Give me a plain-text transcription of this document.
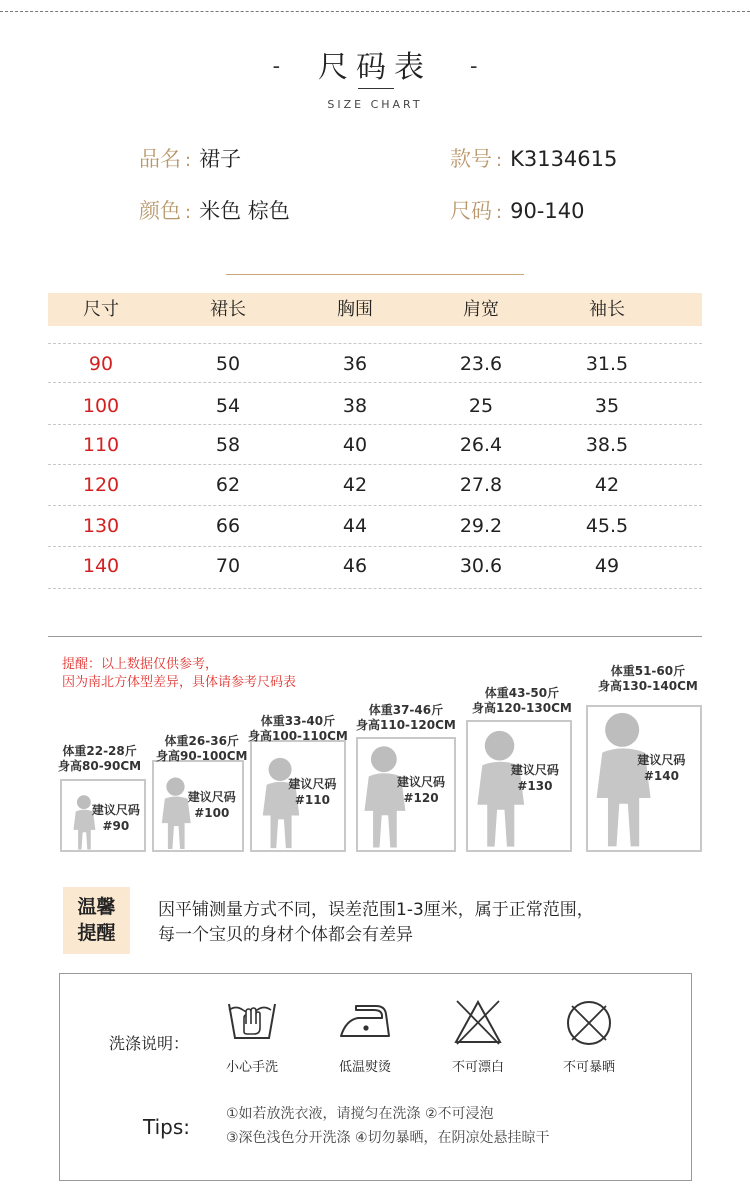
- 尺码表 -
SIZE CHART
品名 : 裙子	款号 : K3134615
颜色 : 米色 棕色	尺码 : 90-140
尺寸	裙长	胸围	肩宽	袖长
90	50	36	23.6	31.5
100	54	38	25	35
110	58	40	26.4	38.5
120	62	42	27.8	42
130	66	44	29.2	45.5
140	70	46	30.6	49
提醒：以上数据仅供参考，
因为南北方体型差异，具体请参考尺码表
体重22-28斤
身高80-90CM
建议尺码
#90
体重26-36斤
身高90-100CM
建议尺码
#100
体重33-40斤
身高100-110CM
建议尺码
#110
体重37-46斤
身高110-120CM
建议尺码
#120
体重43-50斤
身高120-130CM
建议尺码
#130
体重51-60斤
身高130-140CM
建议尺码
#140
温馨
提醒
因平铺测量方式不同，误差范围1-3厘米，属于正常范围，
每一个宝贝的身材个体都会有差异
洗涤说明：
小心手洗	低温熨烫	不可漂白	不可暴晒
Tips:
①如若放洗衣液，请搅匀在洗涤 ②不可浸泡
③深色浅色分开洗涤 ④切勿暴晒，在阴凉处悬挂晾干
